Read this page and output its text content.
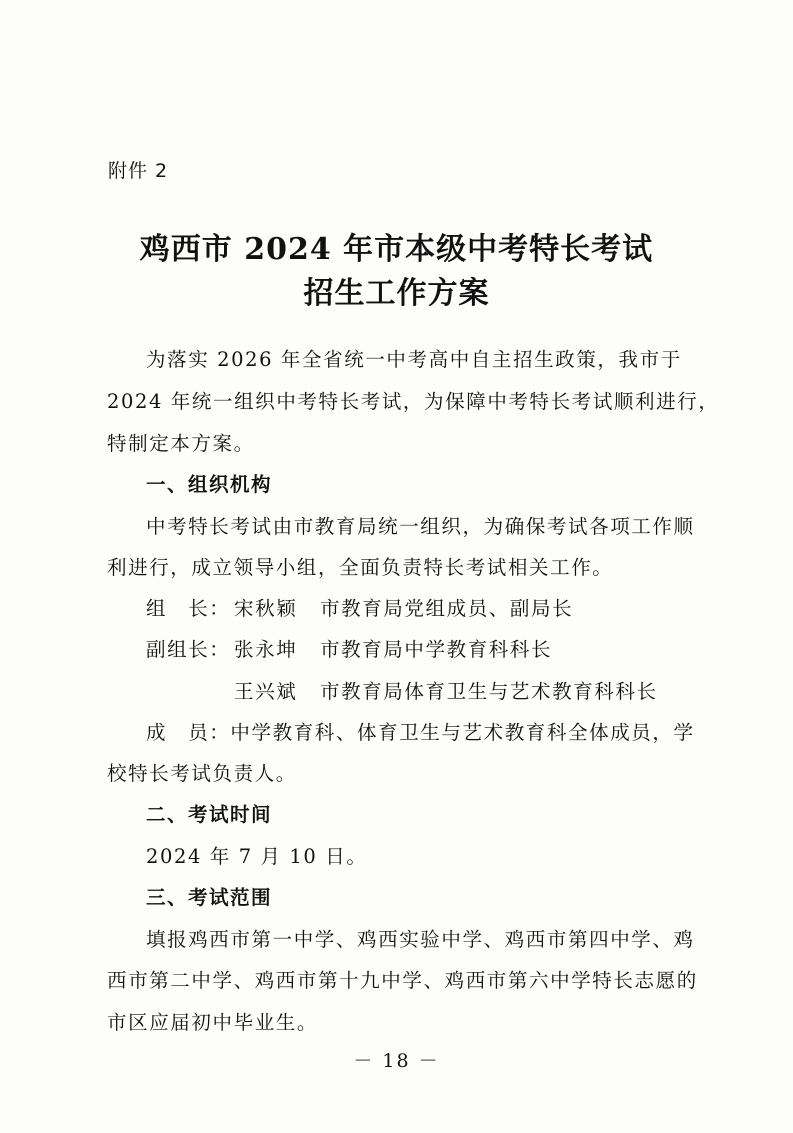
附件 2
鸡西市 2024 年市本级中考特长考试
招生工作方案
为落实 2026 年全省统一中考高中自主招生政策，我市于
2024 年统一组织中考特长考试，为保障中考特长考试顺利进行，
特制定本方案。
一、组织机构
中考特长考试由市教育局统一组织，为确保考试各项工作顺
利进行，成立领导小组，全面负责特长考试相关工作。
组　长： 宋秋颖 市教育局党组成员、副局长
副组长： 张永坤 市教育局中学教育科科长
王兴斌 市教育局体育卫生与艺术教育科科长
成　员：中学教育科、体育卫生与艺术教育科全体成员，学
校特长考试负责人。
二、考试时间
2024 年 7 月 10 日。
三、考试范围
填报鸡西市第一中学、鸡西实验中学、鸡西市第四中学、鸡
西市第二中学、鸡西市第十九中学、鸡西市第六中学特长志愿的
市区应届初中毕业生。
－ 18 －
